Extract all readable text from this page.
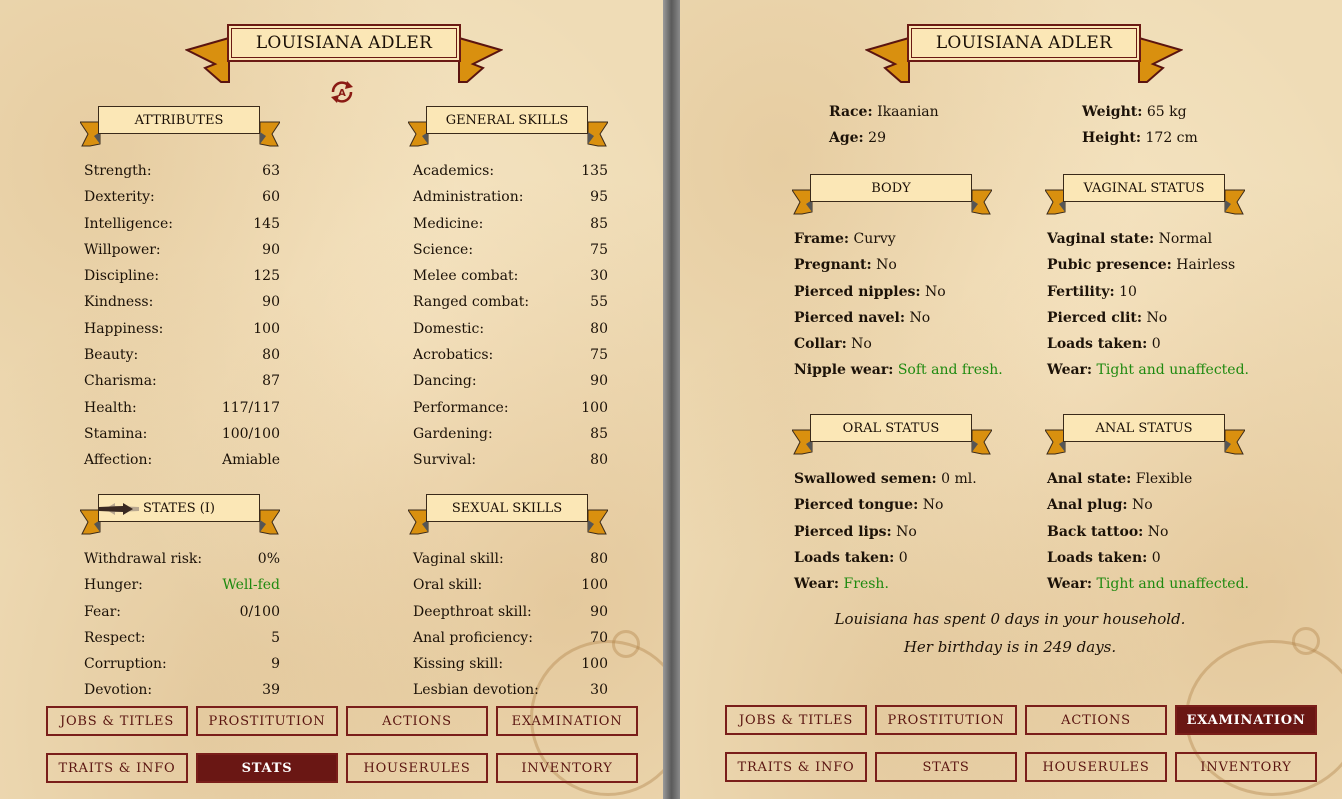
LOUISIANA ADLER
A
ATTRIBUTES
Strength:	63
Dexterity:	60
Intelligence:	145
Willpower:	90
Discipline:	125
Kindness:	90
Happiness:	100
Beauty:	80
Charisma:	87
Health:	117/117
Stamina:	100/100
Affection:	Amiable
GENERAL SKILLS
Academics:	135
Administration:	95
Medicine:	85
Science:	75
Melee combat:	30
Ranged combat:	55
Domestic:	80
Acrobatics:	75
Dancing:	90
Performance:	100
Gardening:	85
Survival:	80
STATES (I)
Withdrawal risk:	0%
Hunger:	Well-fed
Fear:	0/100
Respect:	5
Corruption:	9
Devotion:	39
SEXUAL SKILLS
Vaginal skill:	80
Oral skill:	100
Deepthroat skill:	90
Anal proficiency:	70
Kissing skill:	100
Lesbian devotion:	30
JOBS & TITLES	PROSTITUTION	ACTIONS	EXAMINATION
TRAITS & INFO	STATS	HOUSERULES	INVENTORY
LOUISIANA ADLER
Race: Ikaanian
Age: 29
Weight: 65 kg
Height: 172 cm
BODY
Frame: Curvy
Pregnant: No
Pierced nipples: No
Pierced navel: No
Collar: No
Nipple wear: Soft and fresh.
VAGINAL STATUS
Vaginal state: Normal
Pubic presence: Hairless
Fertility: 10
Pierced clit: No
Loads taken: 0
Wear: Tight and unaffected.
ORAL STATUS
Swallowed semen: 0 ml.
Pierced tongue: No
Pierced lips: No
Loads taken: 0
Wear: Fresh.
ANAL STATUS
Anal state: Flexible
Anal plug: No
Back tattoo: No
Loads taken: 0
Wear: Tight and unaffected.
Louisiana has spent 0 days in your household.
Her birthday is in 249 days.
JOBS & TITLES	PROSTITUTION	ACTIONS	EXAMINATION
TRAITS & INFO	STATS	HOUSERULES	INVENTORY
